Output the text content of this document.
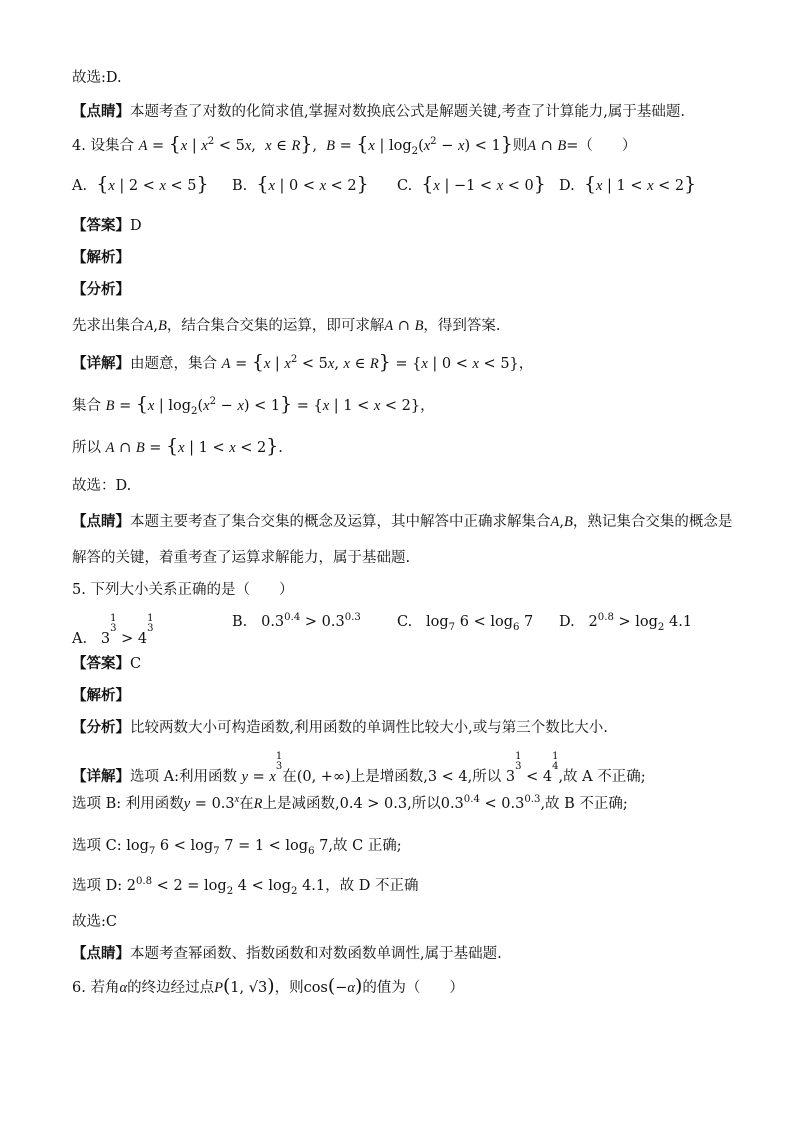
故选:D.
【点睛】本题考查了对数的化简求值,掌握对数换底公式是解题关键,考查了计算能力,属于基础题.
4. 设集合 A = {x | $x^2 < 5x$,  x ∈ R}, B = {x | $\log_2(x^2 - x) < 1$}则A ∩ B=（　　）
A. {x | 2 < x < 5} B. {x | 0 < x < 2} C. {x | −1 < x < 0} D. {x | 1 < x < 2}
【答案】D
【解析】
【分析】
先求出集合A,B，结合集合交集的运算，即可求解A ∩ B，得到答案.
【详解】由题意，集合 A = {x | $x^2 < 5x$, x ∈ R} = {x | 0 < x < 5}，
集合 B = {x | $\log_2(x^2 - x) < 1\} = \{x$ | 1 < x < 2}，
所以 A ∩ B = {x | 1 < x < 2}.
故选：D.
【点睛】本题主要考查了集合交集的概念及运算，其中解答中正确求解集合A,B，熟记集合交集的概念是
解答的关键，着重考查了运算求解能力，属于基础题.
5. 下列大小关系正确的是（　　）
A.   31
3 > 41
3	B.   $0.3^{0.4} > 0.3^{0.3}$ C.   $\log_7 6 < \log_6 7$ D.   $2^{0.8} > \log_2 4.1$
【答案】C
【解析】
【分析】比较两数大小可构造函数,利用函数的单调性比较大小,或与第三个数比大小.
【详解】选项 A:利用函数 y = x1
3在(0, +∞)上是增函数,3 < 4,所以 31
3 < 41
4,故 A 不正确;
选项 B: 利用函数$y = 0.3^x$在R上是减函数,0.4 > 0.3,所以$0.3^{0.4} < 0.3^{0.3}$,故 B 不正确;
选项 C: $\log_7 6 < \log_7 7 = 1 < \log_6 7$,故 C 正确;
选项 D: $2^{0.8} < 2 = \log_2 4 < \log_2 4.1$，故 D 不正确
故选:C
【点睛】本题考查幂函数、指数函数和对数函数单调性,属于基础题.
6. 若角α的终边经过点P(1, √3)，则cos(−α)的值为（　　）
